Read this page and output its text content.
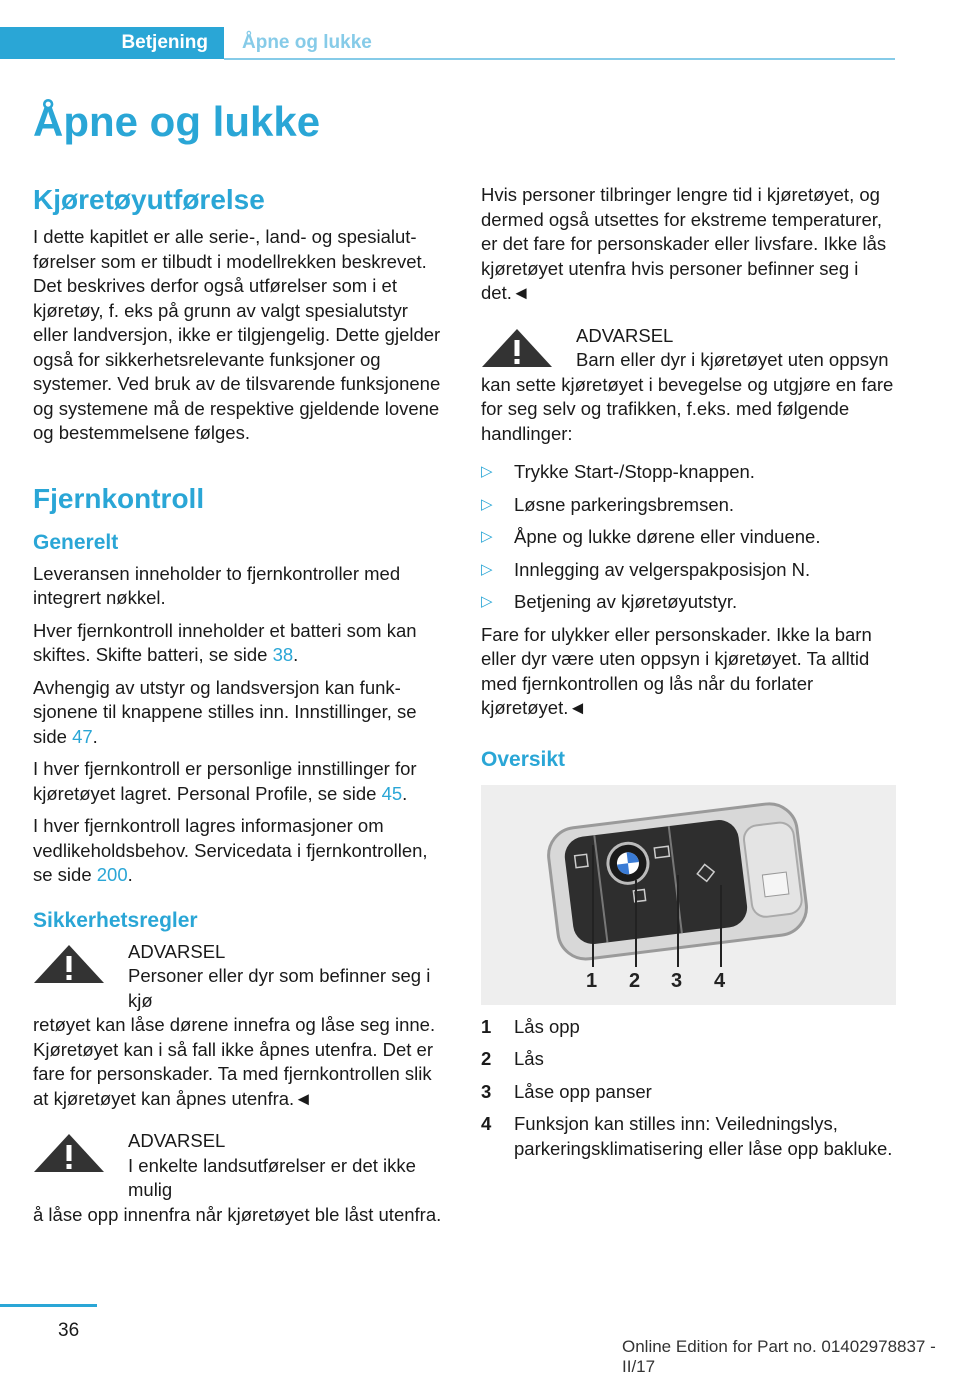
Betjening	Åpne og lukke
Åpne og lukke
Kjøretøyutførelse

I dette kapitlet er alle serie-, land- og spesialutførelser som er tilbudt i modellrekken beskrevet. Det beskrives derfor også utførelser som i et kjøretøy, f. eks på grunn av valgt spesialutstyr eller landversjon, ikke er tilgjengelig. Dette gjelder også for sikkerhetsrelevante funksjoner og systemer. Ved bruk av de tilsvarende funksjonene og systemene må de respektive gjeldende lovene og bestemmelsene følges.

Fjernkontroll
Generelt

Leveransen inneholder to fjernkontroller med integrert nøkkel.

Hver fjernkontroll inneholder et batteri som kan skiftes. Skifte batteri, se side 38.

Avhengig av utstyr og landsversjon kan funksjonene til knappene stilles inn. Innstillinger, se side 47.

I hver fjernkontroll er personlige innstillinger for kjøretøyet lagret. Personal Profile, se side 45.

I hver fjernkontroll lagres informasjoner om vedlikeholdsbehov. Servicedata i fjernkontrollen, se side 200.

Sikkerhetsregler
ADVARSEL
Personer eller dyr som befinner seg i kjø
retøyet kan låse dørene innefra og låse seg inne. Kjøretøyet kan i så fall ikke åpnes utenfra. Det er fare for personskader. Ta med fjernkontrollen slik at kjøretøyet kan åpnes utenfra.◄
ADVARSEL
I enkelte landsutførelser er det ikke mulig
å låse opp innenfra når kjøretøyet ble låst utenfra.

Hvis personer tilbringer lengre tid i kjøretøyet, og dermed også utsettes for ekstreme temperaturer, er det fare for personskader eller livsfare. Ikke lås kjøretøyet utenfra hvis personer befinner seg i det.◄

ADVARSEL
Barn eller dyr i kjøretøyet uten oppsyn
kan sette kjøretøyet i bevegelse og utgjøre en fare for seg selv og trafikken, f.eks. med følgende handlinger:
▷ Trykke Start-/Stopp-knappen.
▷ Løsne parkeringsbremsen.
▷ Åpne og lukke dørene eller vinduene.
▷ Innlegging av velgerspakposisjon N.
▷ Betjening av kjøretøyutstyr.

Fare for ulykker eller personskader. Ikke la barn eller dyr være uten oppsyn i kjøretøyet. Ta alltid med fjernkontrollen og lås når du forlater kjøretøyet.◄

Oversikt
1 2 3 4
1 Lås opp
2 Lås
3 Låse opp panser
4 Funksjon kan stilles inn: Veiledningslys, parkeringsklimatisering eller låse opp bakluke.
36
Online Edition for Part no. 01402978837 - II/17
